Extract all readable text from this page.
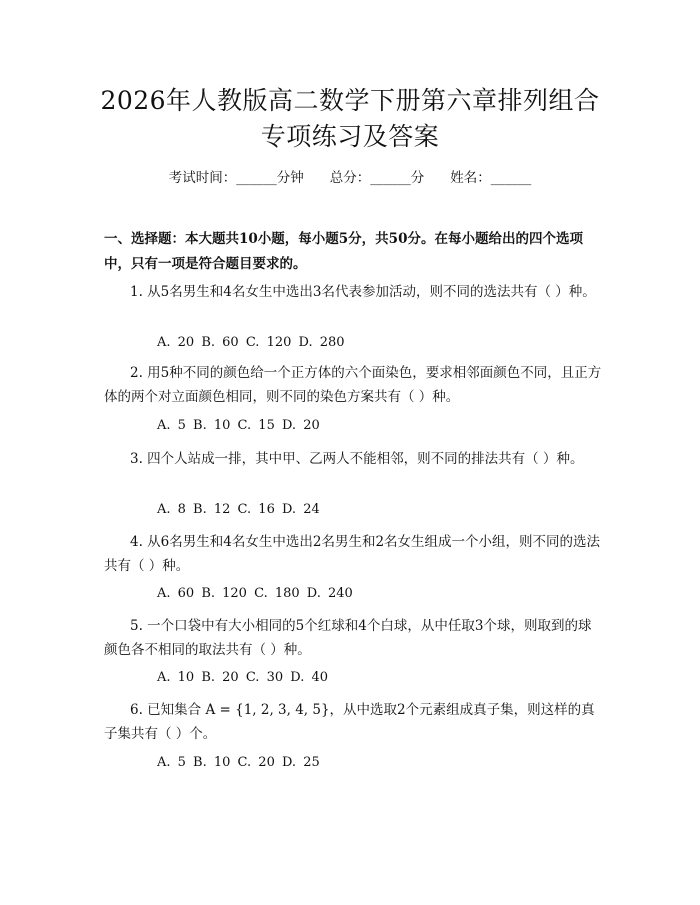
2026年人教版高二数学下册第六章排列组合
专项练习及答案
考试时间：______分钟 总分：______分 姓名：______
一、选择题：本大题共10小题，每小题5分，共50分。在每小题给出的四个选项中，只有一项是符合题目要求的。
1. 从5名男生和4名女生中选出3名代表参加活动，则不同的选法共有（ ）种。
A. 20 B. 60 C. 120 D. 280
2. 用5种不同的颜色给一个正方体的六个面染色，要求相邻面颜色不同，且正方体的两个对立面颜色相同，则不同的染色方案共有（ ）种。
A. 5 B. 10 C. 15 D. 20
3. 四个人站成一排，其中甲、乙两人不能相邻，则不同的排法共有（ ）种。
A. 8 B. 12 C. 16 D. 24
4. 从6名男生和4名女生中选出2名男生和2名女生组成一个小组，则不同的选法共有（ ）种。
A. 60 B. 120 C. 180 D. 240
5. 一个口袋中有大小相同的5个红球和4个白球，从中任取3个球，则取到的球颜色各不相同的取法共有（ ）种。
A. 10 B. 20 C. 30 D. 40
6. 已知集合 A = {1, 2, 3, 4, 5}，从中选取2个元素组成真子集，则这样的真子集共有（ ）个。
A. 5 B. 10 C. 20 D. 25
